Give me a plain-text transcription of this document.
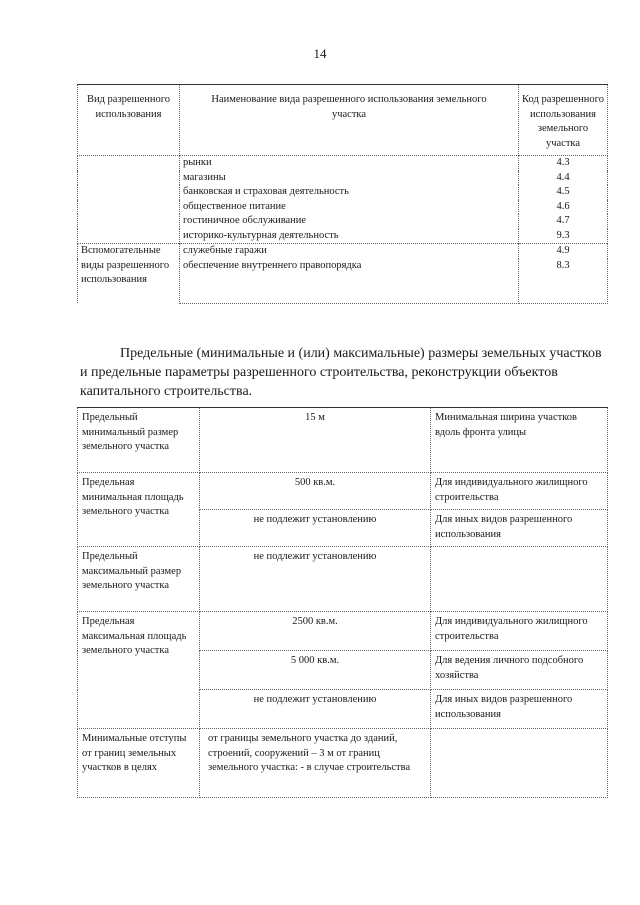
14
Вид разрешенного использования	Наименование вида разрешенного использования земельного участка	Код разрешенного использования земельного участка
	рынки	4.3
	магазины	4.4
	банковская и страховая деятельность	4.5
	общественное питание	4.6
	гостиничное обслуживание	4.7
	историко-культурная деятельность	9.3
Вспомогательные виды разрешенного использования	служебные гаражи	4.9
	обеспечение внутреннего правопорядка	8.3
Предельные (минимальные и (или) максимальные) размеры земельных участков и предельные параметры разрешенного строительства, реконструкции объектов капитального строительства.
Предельный минимальный размер земельного участка	15 м	Минимальная ширина участков вдоль фронта улицы
Предельная минимальная площадь земельного участка	500 кв.м.	Для индивидуального жилищного строительства
	не подлежит установлению	Для иных видов разрешенного использования
Предельный максимальный размер земельного участка	не подлежит установлению	
Предельная максимальная площадь земельного участка	2500 кв.м.	Для индивидуального жилищного строительства
	5 000 кв.м.	Для ведения личного подсобного хозяйства
	не подлежит установлению	Для иных видов разрешенного использования
Минимальные отступы от границ земельных участков в целях	от границы земельного участка до зданий, строений, сооружений – 3 м от границ земельного участка: - в случае строительства	
